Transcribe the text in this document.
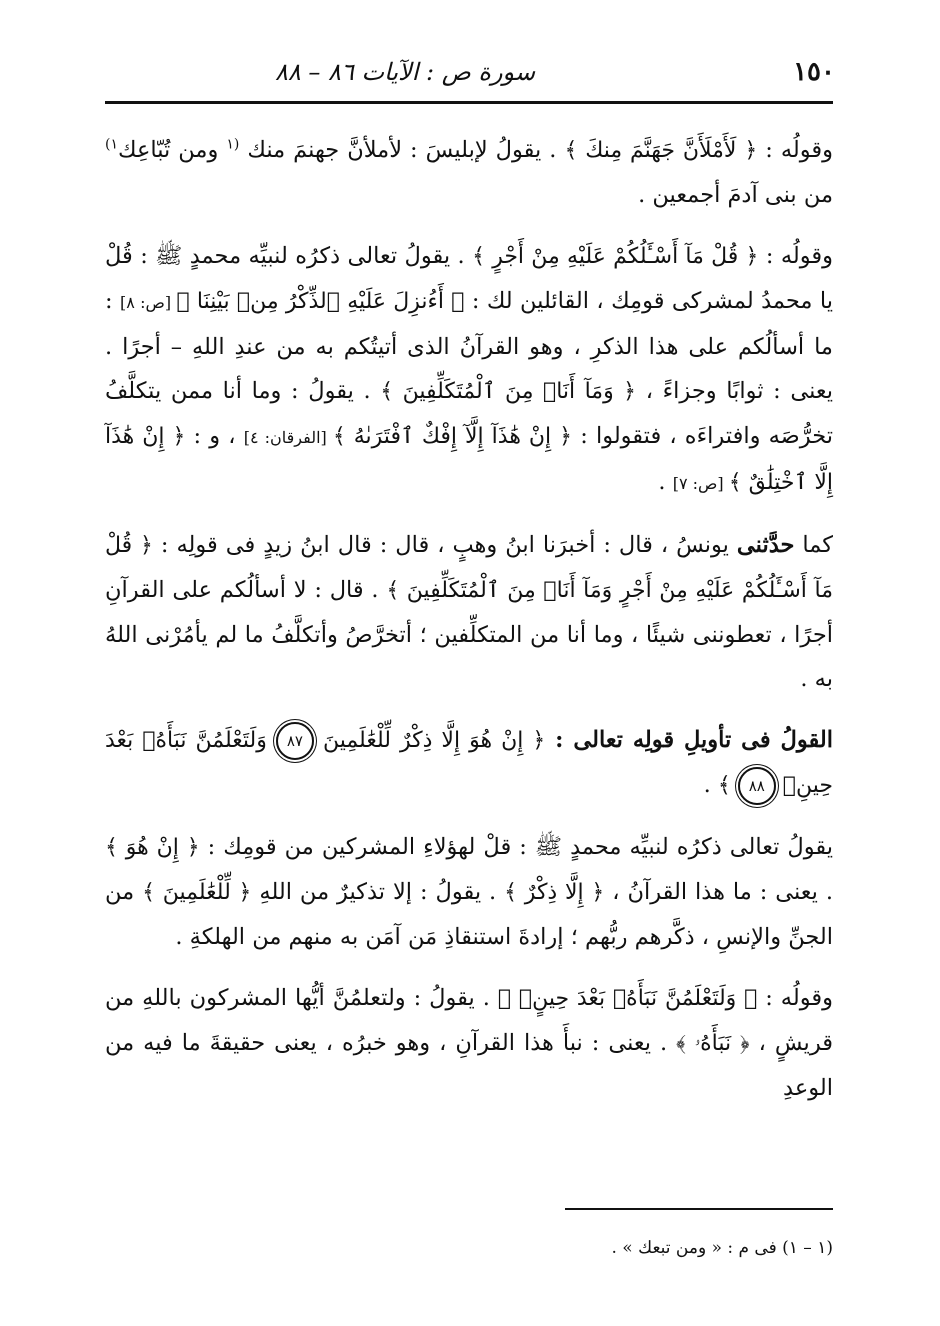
١٥٠
سورة ص : الآيات ٨٦ – ٨٨

وقولُه : ﴿ لَأَمْلَأَنَّ جَهَنَّمَ مِنكَ ﴾ . يقولُ لإبليسَ : لأملأنَّ جهنمَ منك $^{(١}$ ومن تُبّاعِك$^{١)}$ من بنى آدمَ أجمعين .

وقولُه : ﴿ قُلْ مَآ أَسْـَٔلُكُمْ عَلَيْهِ مِنْ أَجْرٍ ﴾ . يقولُ تعالى ذكرُه لنبيِّه محمدٍ ﷺ : قُلْ يا محمدُ لمشركى قومِك ، القائلين لك : ﴿ أَءُنزِلَ عَلَيْهِ ٱلذِّكْرُ مِنۢ بَيْنِنَا ﴾ [ص: ٨] : ما أسألُكم على هذا الذكرِ ، وهو القرآنُ الذى أتيتُكم به من عندِ اللهِ – أجرًا . يعنى : ثوابًا وجزاءً ، ﴿ وَمَآ أَنَا۠ مِنَ ٱلْمُتَكَلِّفِينَ ﴾ . يقولُ : وما أنا ممن يتكلَّفُ تخرُّصَه وافتراءَه ، فتقولوا : ﴿ إِنْ هَٰذَآ إِلَّآ إِفْكٌ ٱفْتَرَىٰهُ ﴾ [الفرقان: ٤] ، و : ﴿ إِنْ هَٰذَآ إِلَّا ٱخْتِلَٰقٌ ﴾ [ص: ٧] .

كما حدَّثنى يونسُ ، قال : أخبرَنا ابنُ وهبٍ ، قال : قال ابنُ زيدٍ فى قولِه : ﴿ قُلْ مَآ أَسْـَٔلُكُمْ عَلَيْهِ مِنْ أَجْرٍ وَمَآ أَنَا۠ مِنَ ٱلْمُتَكَلِّفِينَ ﴾ . قال : لا أسألُكم على القرآنِ أجرًا ، تعطوننى شيئًا ، وما أنا من المتكلِّفين ؛ أتخرَّصُ وأتكلَّفُ ما لم يأمُرْنى اللهُ به .

القولُ فى تأويلِ قولِه تعالى : ﴿ إِنْ هُوَ إِلَّا ذِكْرٌ لِّلْعَٰلَمِينَ ٨٧ وَلَتَعْلَمُنَّ نَبَأَهُۥ بَعْدَ حِينِۭ ٨٨ ﴾ .

يقولُ تعالى ذكرُه لنبيِّه محمدٍ ﷺ : قلْ لهؤلاءِ المشركين من قومِك : ﴿ إِنْ هُوَ ﴾ . يعنى : ما هذا القرآنُ ، ﴿ إِلَّا ذِكْرٌ ﴾ . يقولُ : إلا تذكيرٌ من اللهِ ﴿ لِّلْعَٰلَمِينَ ﴾ من الجنِّ والإنسِ ، ذكَّرهم ربُّهم ؛ إرادةَ استنقاذِ مَن آمَن به منهم من الهلكةِ .

وقولُه : ﴿ وَلَتَعْلَمُنَّ نَبَأَهُۥ بَعْدَ حِينٍۭ ﴾ . يقولُ : ولتعلمُنَّ أيُّها المشركون باللهِ من قريشٍ ، ﴿ نَبَأَهُۥ ﴾ . يعنى : نبأَ هذا القرآنِ ، وهو خبرُه ، يعنى حقيقةَ ما فيه من الوعدِ

(١ – ١) فى م : « ومن تبعك » .
